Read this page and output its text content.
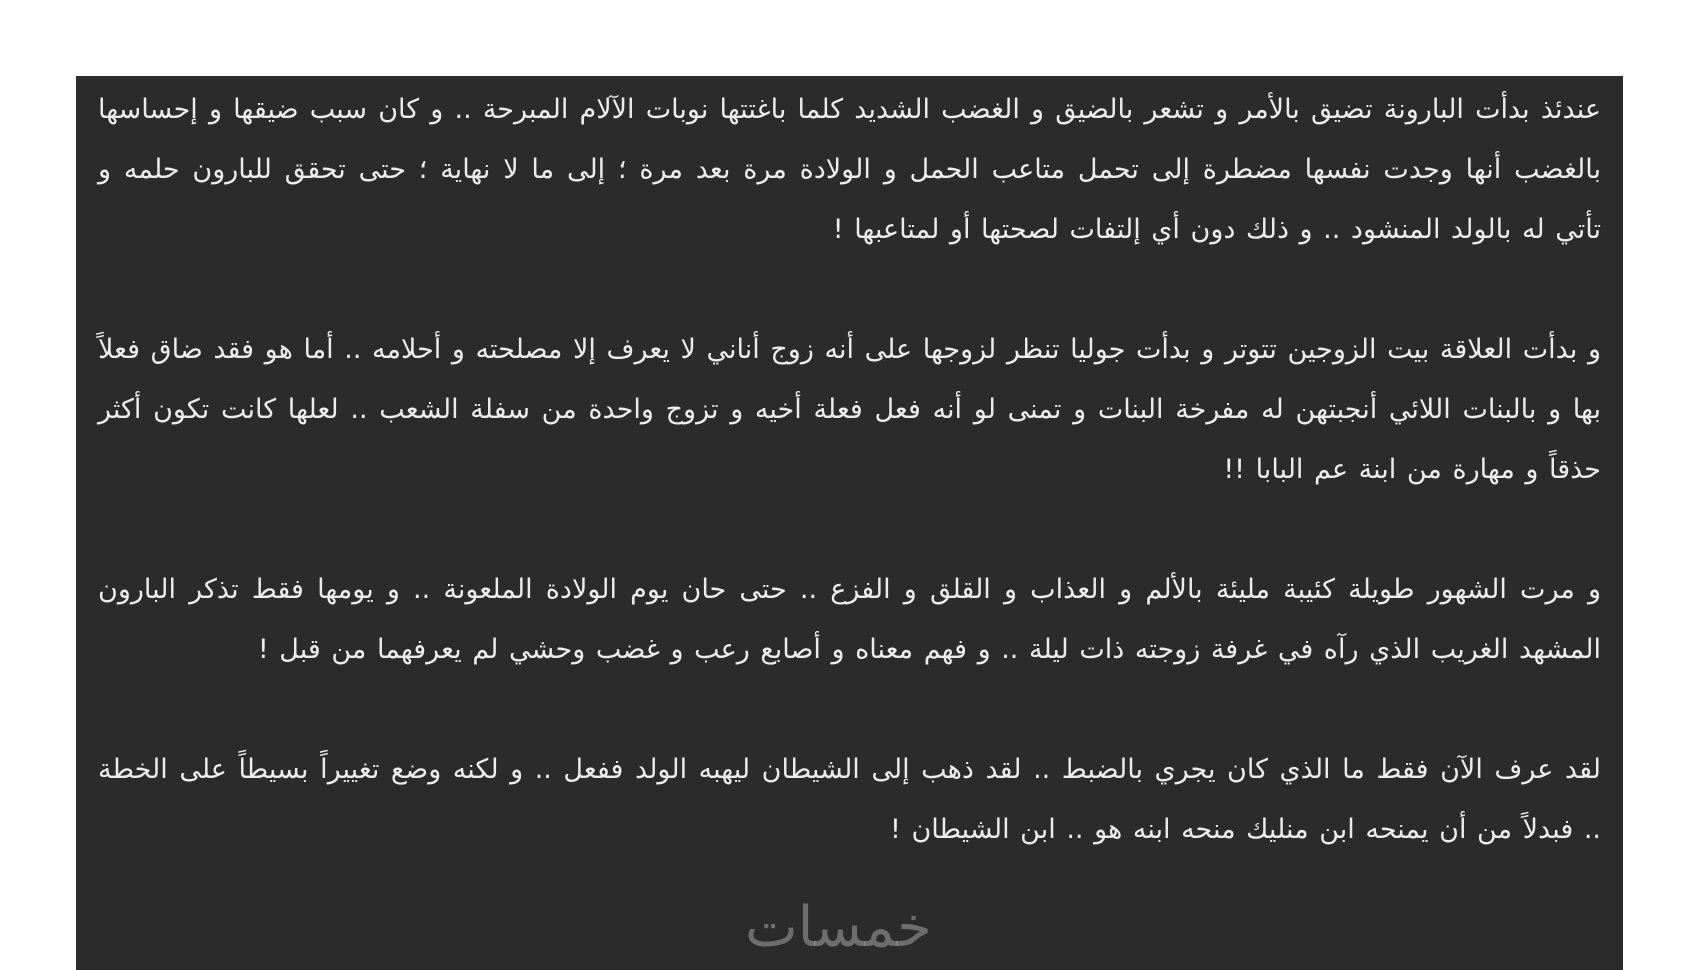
عندئذ بدأت البارونة تضيق بالأمر و تشعر بالضيق و الغضب الشديد كلما باغتتها نوبات الآلام المبرحة .. و كان سبب ضيقها و إحساسها بالغضب أنها وجدت نفسها مضطرة إلى تحمل متاعب الحمل و الولادة مرة بعد مرة ؛ إلى ما لا نهاية ؛ حتى تحقق للبارون حلمه و تأتي له بالولد المنشود .. و ذلك دون أي إلتفات لصحتها أو لمتاعبها !

و بدأت العلاقة بيت الزوجين تتوتر و بدأت جوليا تنظر لزوجها على أنه زوج أناني لا يعرف إلا مصلحته و أحلامه .. أما هو فقد ضاق فعلاً بها و بالبنات اللائي أنجبتهن له مفرخة البنات و تمنى لو أنه فعل فعلة أخيه و تزوج واحدة من سفلة الشعب .. لعلها كانت تكون أكثر حذقاً و مهارة من ابنة عم البابا !!

و مرت الشهور طويلة كئيبة مليئة بالألم و العذاب و القلق و الفزع .. حتى حان يوم الولادة الملعونة .. و يومها فقط تذكر البارون المشهد الغريب الذي رآه في غرفة زوجته ذات ليلة .. و فهم معناه و أصابع رعب و غضب وحشي لم يعرفهما من قبل !

لقد عرف الآن فقط ما الذي كان يجري بالضبط .. لقد ذهب إلى الشيطان ليهبه الولد ففعل .. و لكنه وضع تغييراً بسيطاً على الخطة .. فبدلاً من أن يمنحه ابن منليك منحه ابنه هو .. ابن الشيطان !

خمسات
